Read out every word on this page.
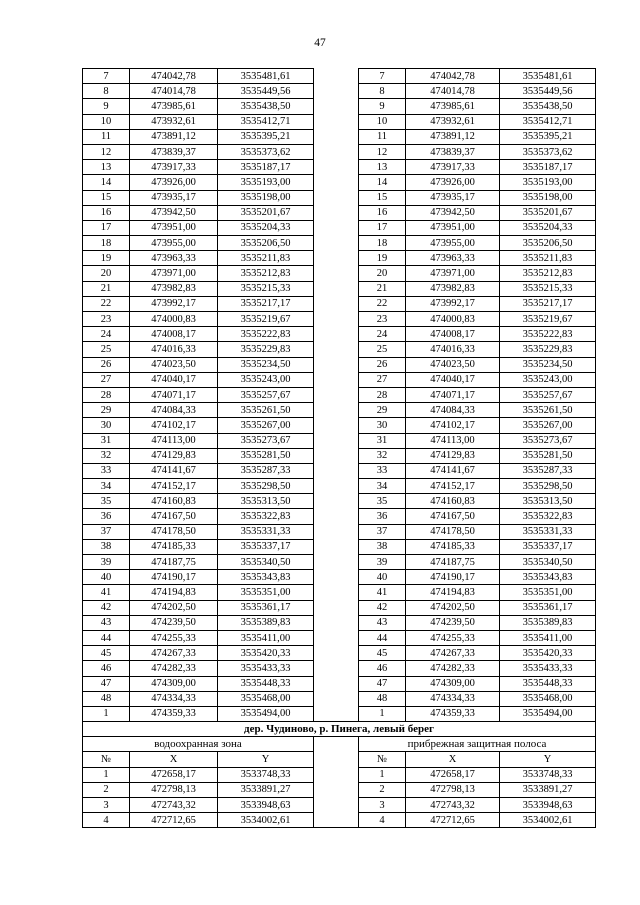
47
7	474042,78	3535481,61		7	474042,78	3535481,61
8	474014,78	3535449,56		8	474014,78	3535449,56
9	473985,61	3535438,50		9	473985,61	3535438,50
10	473932,61	3535412,71		10	473932,61	3535412,71
11	473891,12	3535395,21		11	473891,12	3535395,21
12	473839,37	3535373,62		12	473839,37	3535373,62
13	473917,33	3535187,17		13	473917,33	3535187,17
14	473926,00	3535193,00		14	473926,00	3535193,00
15	473935,17	3535198,00		15	473935,17	3535198,00
16	473942,50	3535201,67		16	473942,50	3535201,67
17	473951,00	3535204,33		17	473951,00	3535204,33
18	473955,00	3535206,50		18	473955,00	3535206,50
19	473963,33	3535211,83		19	473963,33	3535211,83
20	473971,00	3535212,83		20	473971,00	3535212,83
21	473982,83	3535215,33		21	473982,83	3535215,33
22	473992,17	3535217,17		22	473992,17	3535217,17
23	474000,83	3535219,67		23	474000,83	3535219,67
24	474008,17	3535222,83		24	474008,17	3535222,83
25	474016,33	3535229,83		25	474016,33	3535229,83
26	474023,50	3535234,50		26	474023,50	3535234,50
27	474040,17	3535243,00		27	474040,17	3535243,00
28	474071,17	3535257,67		28	474071,17	3535257,67
29	474084,33	3535261,50		29	474084,33	3535261,50
30	474102,17	3535267,00		30	474102,17	3535267,00
31	474113,00	3535273,67		31	474113,00	3535273,67
32	474129,83	3535281,50		32	474129,83	3535281,50
33	474141,67	3535287,33		33	474141,67	3535287,33
34	474152,17	3535298,50		34	474152,17	3535298,50
35	474160,83	3535313,50		35	474160,83	3535313,50
36	474167,50	3535322,83		36	474167,50	3535322,83
37	474178,50	3535331,33		37	474178,50	3535331,33
38	474185,33	3535337,17		38	474185,33	3535337,17
39	474187,75	3535340,50		39	474187,75	3535340,50
40	474190,17	3535343,83		40	474190,17	3535343,83
41	474194,83	3535351,00		41	474194,83	3535351,00
42	474202,50	3535361,17		42	474202,50	3535361,17
43	474239,50	3535389,83		43	474239,50	3535389,83
44	474255,33	3535411,00		44	474255,33	3535411,00
45	474267,33	3535420,33		45	474267,33	3535420,33
46	474282,33	3535433,33		46	474282,33	3535433,33
47	474309,00	3535448,33		47	474309,00	3535448,33
48	474334,33	3535468,00		48	474334,33	3535468,00
1	474359,33	3535494,00		1	474359,33	3535494,00
дер. Чудиново, р. Пинега, левый берег						
водоохранная зона				прибрежная защитная полоса		
№	X	Y		№	X	Y
1	472658,17	3533748,33		1	472658,17	3533748,33
2	472798,13	3533891,27		2	472798,13	3533891,27
3	472743,32	3533948,63		3	472743,32	3533948,63
4	472712,65	3534002,61		4	472712,65	3534002,61
